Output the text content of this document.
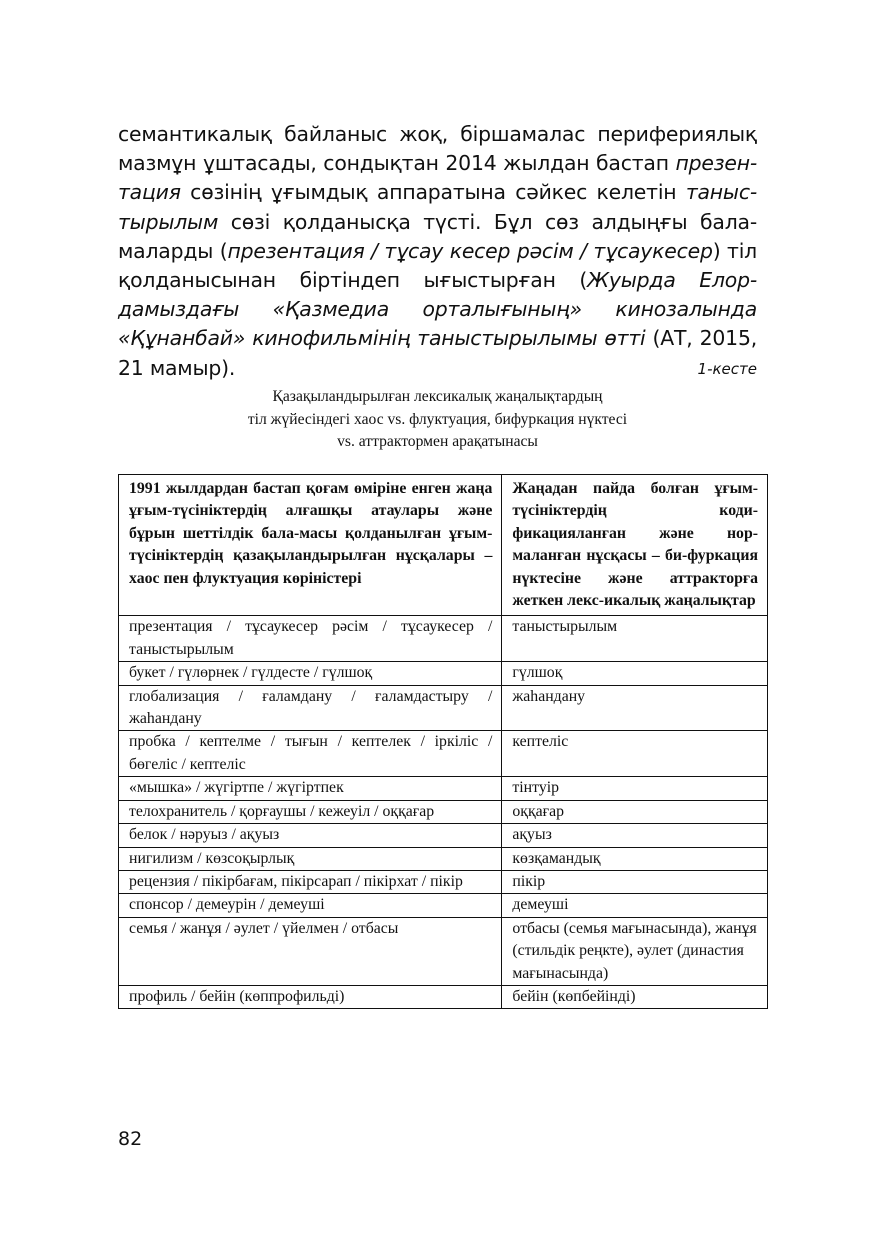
семантикалық байланыс жоқ, біршамалас перифериялық мазмұн ұштасады, сондықтан 2014 жылдан бастап презен-тация сөзінің ұғымдық аппаратына сәйкес келетін таныс-тырылым сөзі қолданысқа түсті. Бұл сөз алдыңғы бала-маларды (презентация / тұсау кесер рәсім / тұсаукесер) тіл қолданысынан біртіндеп ығыстырған (Жуырда Елор-дамыздағы «Қазмедиа орталығының» кинозалында «Құнанбай» кинофильмінің таныстырылымы өтті (АТ, 2015, 21 мамыр).	1-кесте
Қазақыландырылған лексикалық жаңалықтардың
тіл жүйесіндегі хаос vs. флуктуация, бифуркация нүктесі
vs. аттрактормен арақатынасы
1991 жылдардан бастап қоғам өміріне енген жаңа ұғым-түсініктердің алғашқы атаулары және бұрын шеттілдік бала-масы қолданылған ұғым-түсініктердің қазақыландырылған нұсқалары – хаос пен флуктуация көріністері	Жаңадан пайда болған ұғым-түсініктердің коди-фикацияланған және нор-маланған нұсқасы – би-фуркация нүктесіне және аттракторға жеткен лекс-икалық жаңалықтар
презентация / тұсаукесер рәсім / тұсаукесер / таныстырылым	таныстырылым
букет / гүлөрнек / гүлдесте / гүлшоқ	гүлшоқ
глобализация / ғаламдану / ғаламдастыру / жаһандану	жаһандану
пробка / кептелме / тығын / кептелек / іркіліс / бөгеліс / кептеліс	кептеліс
«мышка» / жүгіртпе / жүгіртпек	тінтуір
телохранитель / қорғаушы / кежеуіл / оққағар	оққағар
белок / нәруыз / ақуыз	ақуыз
нигилизм / көзсоқырлық	көзқамандық
рецензия / пікірбағам, пікірсарап / пікірхат / пікір	пікір
спонсор / демеурін / демеуші	демеуші
семья / жанұя / әулет / үйелмен / отбасы	отбасы (семья мағынасында), жанұя (стильдік реңкте), әулет (династия мағынасында)
профиль / бейін (көппрофильді)	бейін (көпбейінді)
82
